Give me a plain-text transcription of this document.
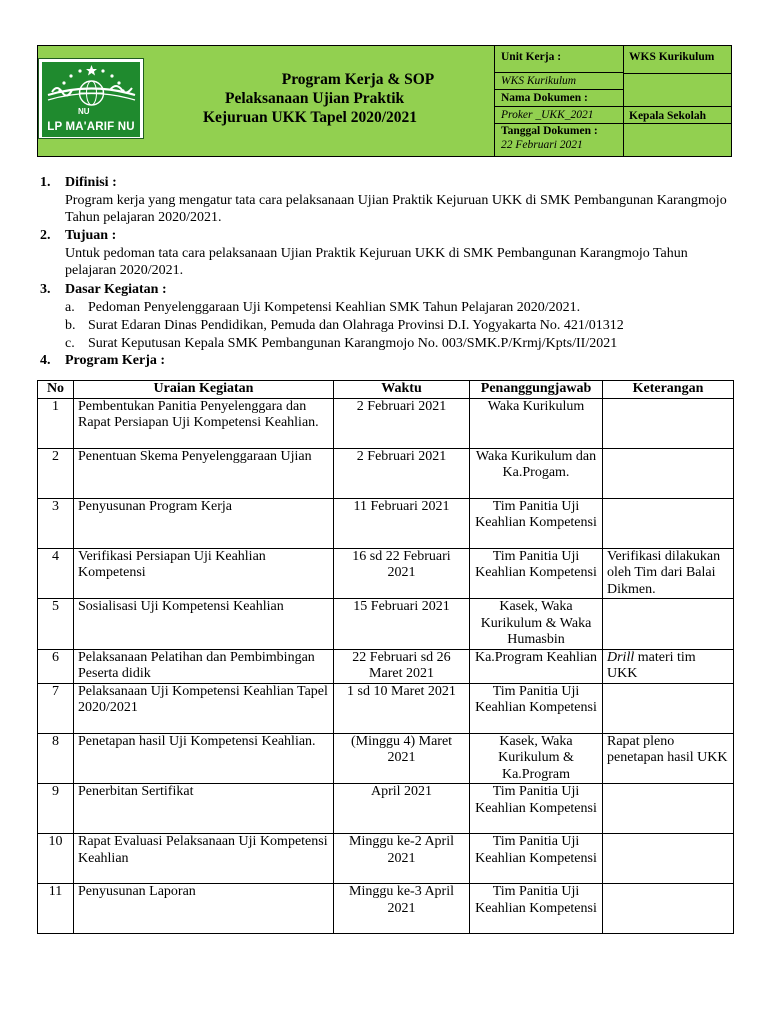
NU
LP MA'ARIF NU
Program Kerja & SOP
Pelaksanaan Ujian Praktik
Kejuruan UKK Tapel 2020/2021
Unit Kerja :	WKS Kurikulum
WKS Kurikulum
Nama Dokumen :
Proker _UKK_2021	Kepala Sekolah
Tanggal Dokumen :
22 Februari 2021
1. Difinisi :
Program kerja yang mengatur tata cara pelaksanaan Ujian Praktik Kejuruan UKK di SMK Pembangunan Karangmojo Tahun pelajaran 2020/2021.
2. Tujuan :
Untuk pedoman tata cara pelaksanaan Ujian Praktik Kejuruan UKK di SMK Pembangunan Karangmojo Tahun pelajaran 2020/2021.
3. Dasar Kegiatan :
a. Pedoman Penyelenggaraan Uji Kompetensi Keahlian SMK Tahun Pelajaran 2020/2021.
b. Surat Edaran Dinas Pendidikan, Pemuda dan Olahraga Provinsi D.I. Yogyakarta No. 421/01312
c. Surat Keputusan Kepala SMK Pembangunan Karangmojo No. 003/SMK.P/Krmj/Kpts/II/2021
4. Program Kerja :
No	Uraian Kegiatan	Waktu	Penanggungjawab	Keterangan
1	Pembentukan Panitia Penyelenggara dan Rapat Persiapan Uji Kompetensi Keahlian.	2 Februari 2021	Waka Kurikulum	
2	Penentuan Skema Penyelenggaraan Ujian	2 Februari 2021	Waka Kurikulum dan Ka.Progam.	
3	Penyusunan Program Kerja	11 Februari 2021	Tim Panitia Uji Keahlian Kompetensi	
4	Verifikasi Persiapan Uji Keahlian Kompetensi	16 sd 22 Februari 2021	Tim Panitia Uji Keahlian Kompetensi	Verifikasi dilakukan oleh Tim dari Balai Dikmen.
5	Sosialisasi Uji Kompetensi Keahlian	15 Februari 2021	Kasek, Waka Kurikulum & Waka Humasbin	
6	Pelaksanaan Pelatihan dan Pembimbingan Peserta didik	22 Februari sd 26 Maret 2021	Ka.Program Keahlian	Drill materi tim UKK
7	Pelaksanaan Uji Kompetensi Keahlian Tapel 2020/2021	1 sd 10 Maret 2021	Tim Panitia Uji Keahlian Kompetensi	
8	Penetapan hasil Uji Kompetensi Keahlian.	(Minggu 4) Maret 2021	Kasek, Waka Kurikulum & Ka.Program	Rapat pleno penetapan hasil UKK
9	Penerbitan Sertifikat	April 2021	Tim Panitia Uji Keahlian Kompetensi	
10	Rapat Evaluasi Pelaksanaan Uji Kompetensi Keahlian	Minggu ke-2 April 2021	Tim Panitia Uji Keahlian Kompetensi	
11	Penyusunan Laporan	Minggu ke-3 April 2021	Tim Panitia Uji Keahlian Kompetensi	
